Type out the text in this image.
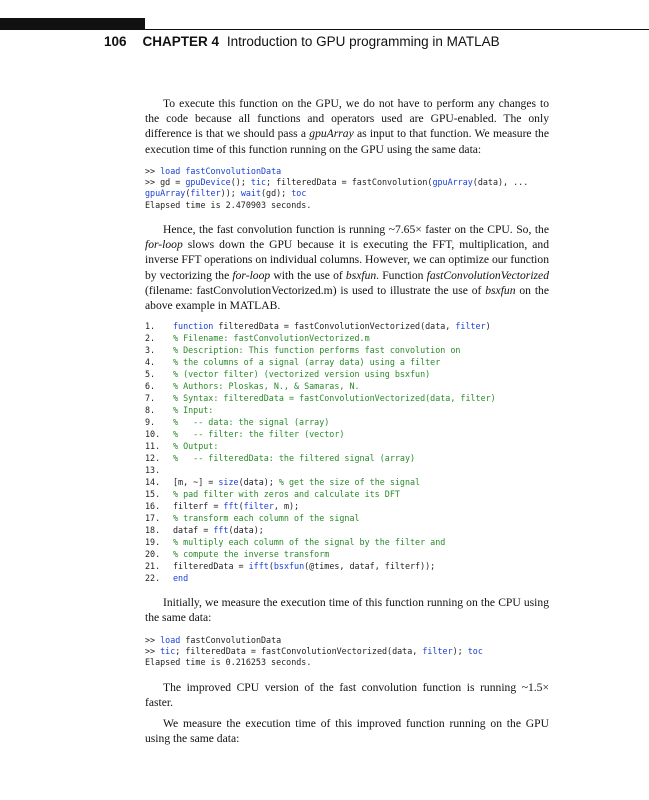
106 CHAPTER 4 Introduction to GPU programming in MATLAB

To execute this function on the GPU, we do not have to perform any changes to the code because all functions and operators used are GPU-enabled. The only difference is that we should pass a gpuArray as input to that function. We measure the execution time of this function running on the GPU using the same data:

>> load fastConvolutionData
>> gd = gpuDevice(); tic; filteredData = fastConvolution(gpuArray(data), ...
gpuArray(filter)); wait(gd); toc
Elapsed time is 2.470903 seconds.

Hence, the fast convolution function is running ~7.65× faster on the CPU. So, the for-loop slows down the GPU because it is executing the FFT, multiplication, and inverse FFT operations on individual columns. However, we can optimize our function by vectorizing the for-loop with the use of bsxfun. Function fastConvolutionVectorized (filename: fastConvolutionVectorized.m) is used to illustrate the use of bsxfun on the above example in MATLAB.

1.	function filteredData = fastConvolutionVectorized(data, filter)
2.	% Filename: fastConvolutionVectorized.m
3.	% Description: This function performs fast convolution on
4.	% the columns of a signal (array data) using a filter
5.	% (vector filter) (vectorized version using bsxfun)
6.	% Authors: Ploskas, N., & Samaras, N.
7.	% Syntax: filteredData = fastConvolutionVectorized(data, filter)
8.	% Input:
9.	%   -- data: the signal (array)
10.	%   -- filter: the filter (vector)
11.	% Output:
12.	%   -- filteredData: the filtered signal (array)
13.
14.	[m, ~] = size(data); % get the size of the signal
15.	% pad filter with zeros and calculate its DFT
16.	filterf = fft(filter, m);
17.	% transform each column of the signal
18.	dataf = fft(data);
19.	% multiply each column of the signal by the filter and
20.	% compute the inverse transform
21.	filteredData = ifft(bsxfun(@times, dataf, filterf));
22.	end

Initially, we measure the execution time of this function running on the CPU using the same data:

>> load fastConvolutionData
>> tic; filteredData = fastConvolutionVectorized(data, filter); toc
Elapsed time is 0.216253 seconds.

The improved CPU version of the fast convolution function is running ~1.5× faster.

We measure the execution time of this improved function running on the GPU using the same data:
